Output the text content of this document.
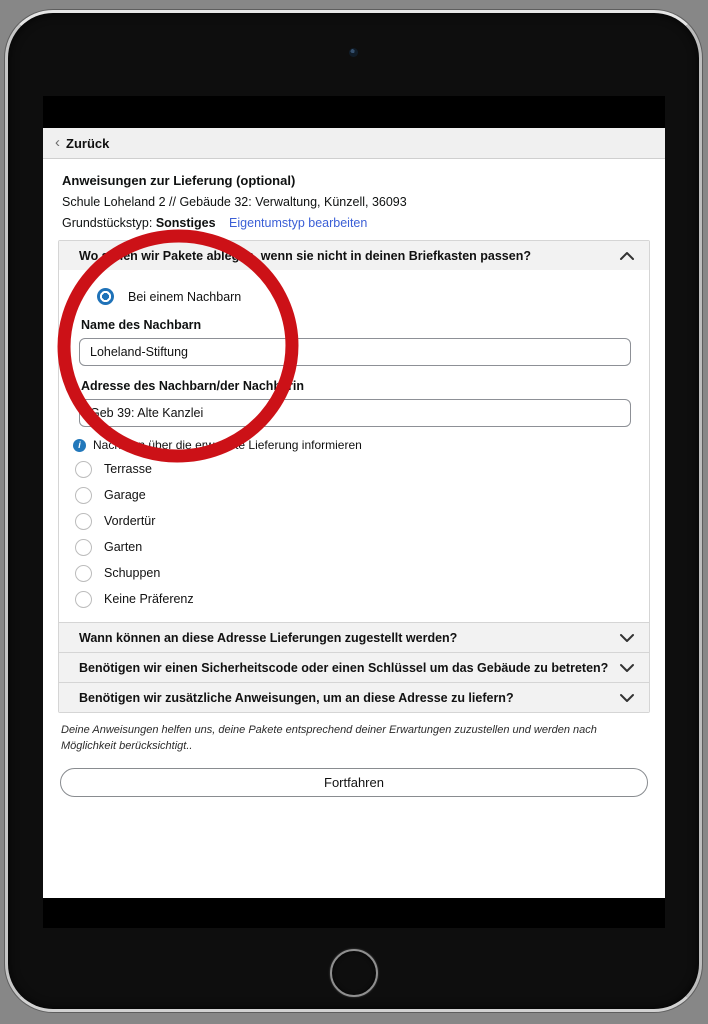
‹ Zurück
Anweisungen zur Lieferung (optional)
Schule Loheland 2 // Gebäude 32: Verwaltung, Künzell, 36093
Grundstückstyp: Sonstiges Eigentumstyp bearbeiten
Wo sollen wir Pakete ablegen, wenn sie nicht in deinen Briefkasten passen?
Bei einem Nachbarn
Name des Nachbarn
Loheland-Stiftung
Adresse des Nachbarn/der Nachbarin
Geb 39: Alte Kanzlei
i	Nachbarn über die erwartete Lieferung informieren
Terrasse
Garage
Vordertür
Garten
Schuppen
Keine Präferenz
Wann können an diese Adresse Lieferungen zugestellt werden?
Benötigen wir einen Sicherheitscode oder einen Schlüssel um das Gebäude zu betreten?
Benötigen wir zusätzliche Anweisungen, um an diese Adresse zu liefern?
Deine Anweisungen helfen uns, deine Pakete entsprechend deiner Erwartungen zuzustellen und werden nach Möglichkeit berücksichtigt..
Fortfahren
